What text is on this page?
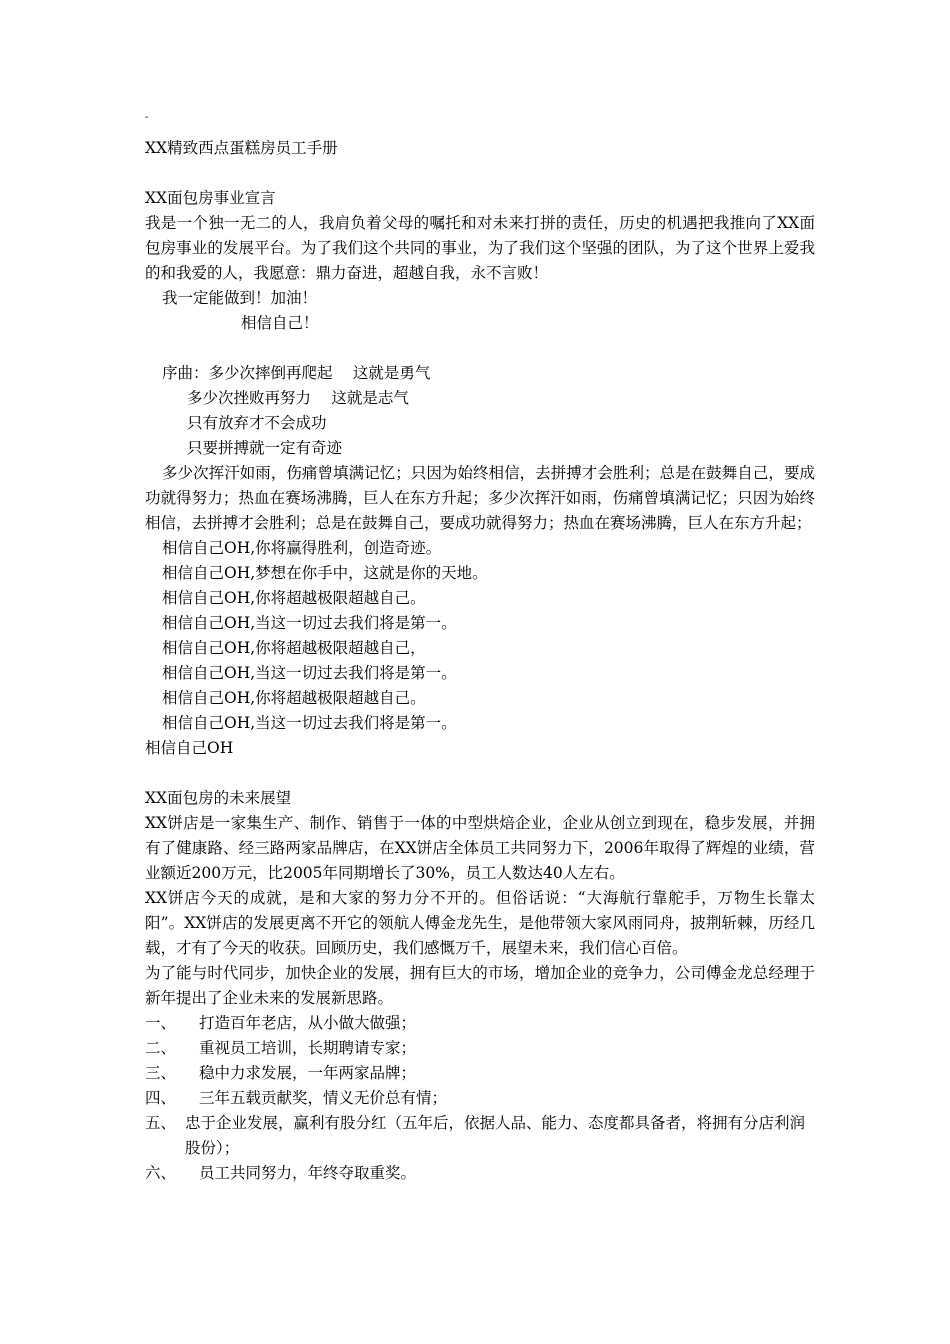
-
XX精致西点蛋糕房员工手册
XX面包房事业宣言
我是一个独一无二的人，我肩负着父母的嘱托和对未来打拼的责任，历史的机遇把我推向了XX面包房事业的发展平台。为了我们这个共同的事业，为了我们这个坚强的团队，为了这个世界上爱我的和我爱的人，我愿意：鼎力奋进，超越自我，永不言败！
我一定能做到！加油！
相信自己！
序曲：多少次摔倒再爬起　 这就是勇气
多少次挫败再努力　 这就是志气
只有放弃才不会成功
只要拼搏就一定有奇迹
多少次挥汗如雨，伤痛曾填满记忆；只因为始终相信，去拼搏才会胜利；总是在鼓舞自己，要成功就得努力；热血在赛场沸腾，巨人在东方升起；多少次挥汗如雨，伤痛曾填满记忆；只因为始终相信，去拼搏才会胜利；总是在鼓舞自己，要成功就得努力；热血在赛场沸腾，巨人在东方升起；
相信自己OH,你将赢得胜利，创造奇迹。
相信自己OH,梦想在你手中，这就是你的天地。
相信自己OH,你将超越极限超越自己。
相信自己OH,当这一切过去我们将是第一。
相信自己OH,你将超越极限超越自己，
相信自己OH,当这一切过去我们将是第一。
相信自己OH,你将超越极限超越自己。
相信自己OH,当这一切过去我们将是第一。
相信自己OH
XX面包房的未来展望
XX饼店是一家集生产、制作、销售于一体的中型烘焙企业，企业从创立到现在，稳步发展，并拥有了健康路、经三路两家品牌店，在XX饼店全体员工共同努力下，2006年取得了辉煌的业绩，营业额近200万元，比2005年同期增长了30%，员工人数达40人左右。
XX饼店今天的成就，是和大家的努力分不开的。但俗话说：“大海航行靠舵手，万物生长靠太阳”。XX饼店的发展更离不开它的领航人傅金龙先生，是他带领大家风雨同舟，披荆斩棘，历经几载，才有了今天的收获。回顾历史，我们感慨万千，展望未来，我们信心百倍。
为了能与时代同步，加快企业的发展，拥有巨大的市场，增加企业的竞争力，公司傅金龙总经理于新年提出了企业未来的发展新思路。
一、	打造百年老店，从小做大做强；
二、	重视员工培训，长期聘请专家；
三、	稳中力求发展，一年两家品牌；
四、	三年五载贡献奖，情义无价总有情；
五、 忠于企业发展，赢利有股分红（五年后，依据人品、能力、态度都具备者，将拥有分店利润股份）；
六、	员工共同努力，年终夺取重奖。
